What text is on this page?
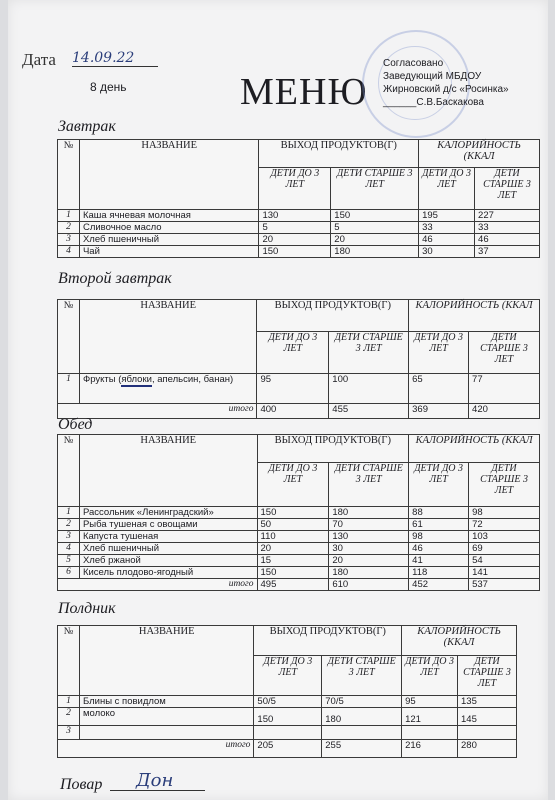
Дата 14.09.22
8 день	МЕНЮ
Согласовано
Заведующий МБДОУ
Жирновский д/с «Росинка»
______С.В.Баскакова
Завтрак
№	НАЗВАНИЕ	ВЫХОД ПРОДУКТОВ(Г)		КАЛОРИЙНОСТЬ (ККАЛ	
		ДЕТИ ДО 3 ЛЕТ	ДЕТИ СТАРШЕ 3 ЛЕТ	ДЕТИ ДО 3 ЛЕТ	ДЕТИ СТАРШЕ 3 ЛЕТ
1	Каша ячневая молочная	130	150	195	227
2	Сливочное масло	5	5	33	33
3	Хлеб пшеничный	20	20	46	46
4	Чай	150	180	30	37
Второй завтрак
№	НАЗВАНИЕ	ВЫХОД ПРОДУКТОВ(Г)		КАЛОРИЙНОСТЬ (ККАЛ	
		ДЕТИ ДО 3 ЛЕТ	ДЕТИ СТАРШЕ 3 ЛЕТ	ДЕТИ ДО 3 ЛЕТ	ДЕТИ СТАРШЕ 3 ЛЕТ
1	Фрукты (яблоки, апельсин, банан)	95	100	65	77
итого		400	455	369	420
Обед
№	НАЗВАНИЕ	ВЫХОД ПРОДУКТОВ(Г)		КАЛОРИЙНОСТЬ (ККАЛ	
		ДЕТИ ДО 3 ЛЕТ	ДЕТИ СТАРШЕ 3 ЛЕТ	ДЕТИ ДО 3 ЛЕТ	ДЕТИ СТАРШЕ 3 ЛЕТ
1	Рассольник «Ленинградский»	150	180	88	98
2	Рыба тушеная с овощами	50	70	61	72
3	Капуста тушеная	110	130	98	103
4	Хлеб пшеничный	20	30	46	69
5	Хлеб ржаной	15	20	41	54
6	Кисель плодово-ягодный	150	180	118	141
итого		495	610	452	537
Полдник
№	НАЗВАНИЕ	ВЫХОД ПРОДУКТОВ(Г)		КАЛОРИЙНОСТЬ (ККАЛ	
		ДЕТИ ДО 3 ЛЕТ	ДЕТИ СТАРШЕ 3 ЛЕТ	ДЕТИ ДО 3 ЛЕТ	ДЕТИ СТАРШЕ 3 ЛЕТ
1	Блины с повидлом	50/5	70/5	95	135
2	молоко	150	180	121	145
3					
итого		205	255	216	280
Повар Дон
